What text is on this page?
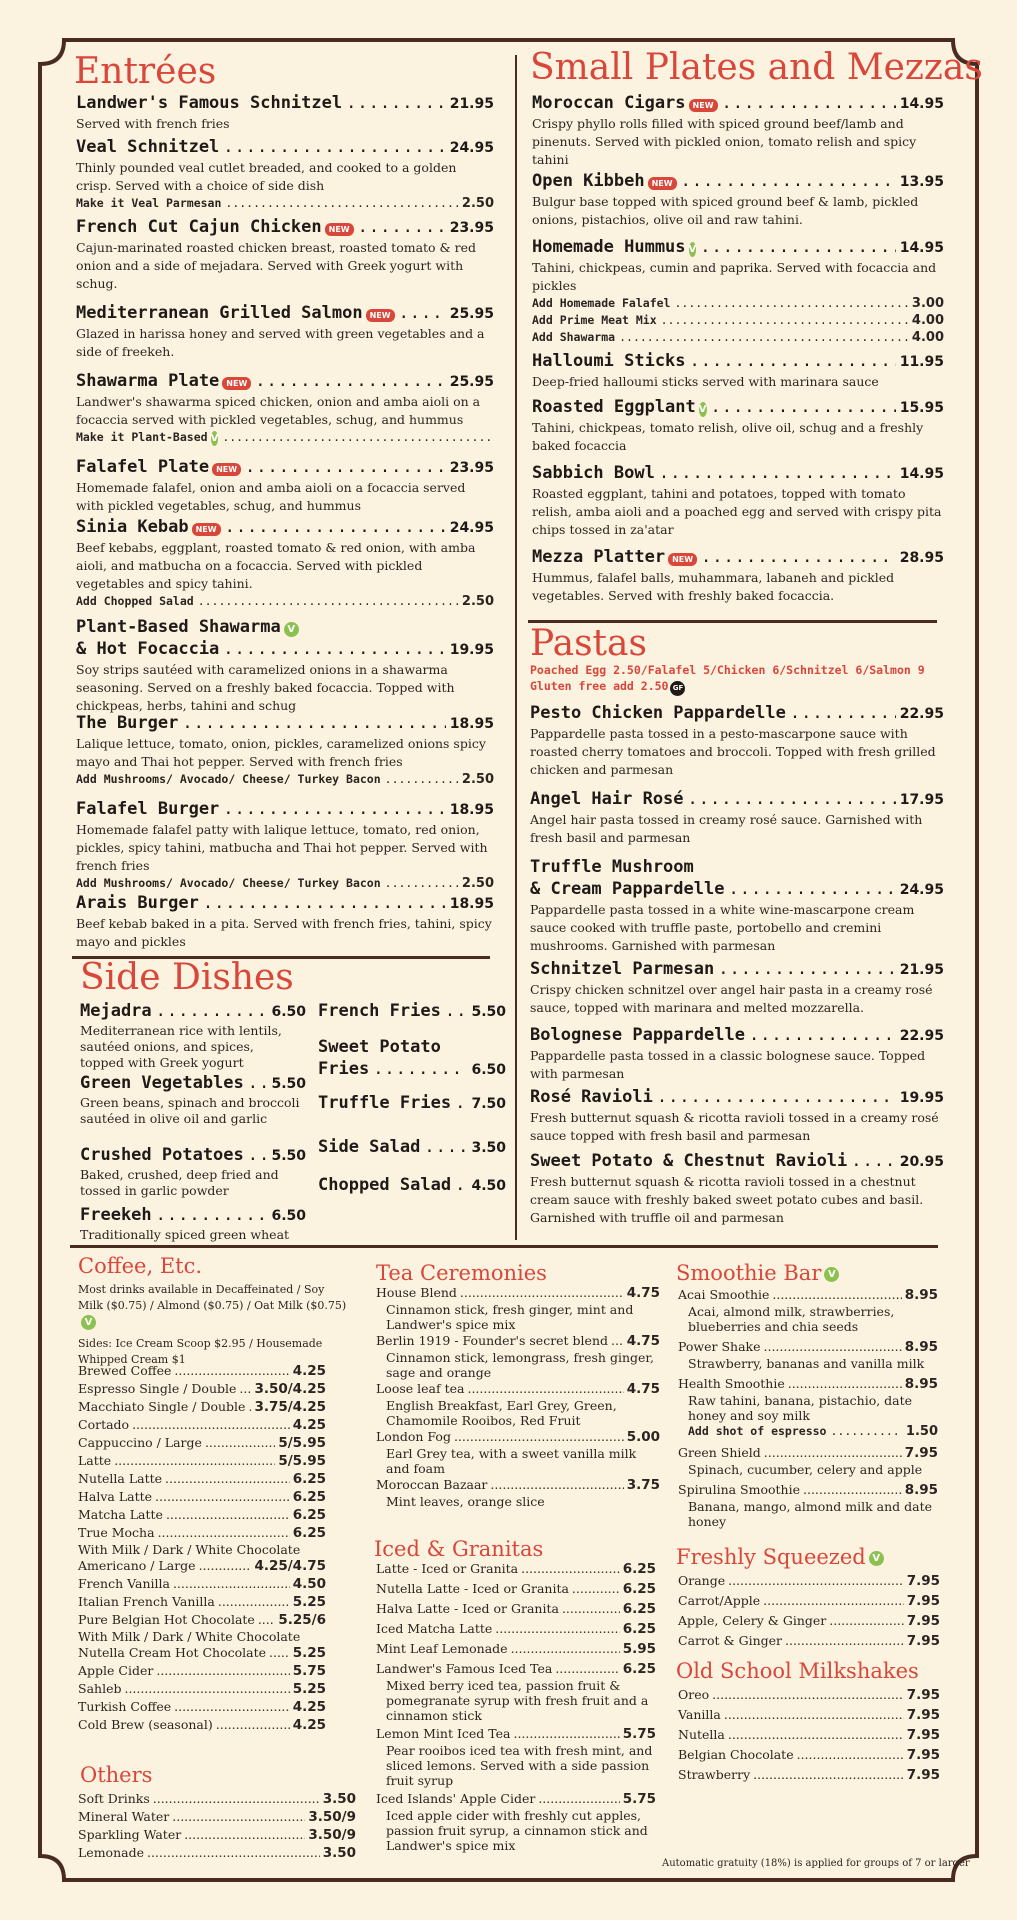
Entrées
Landwer's Famous Schnitzel .....	21.95
Served with french fries
Veal Schnitzel .....	24.95
Thinly pounded veal cutlet breaded, and cooked to a golden crisp. Served with a choice of side dish
Make it Veal Parmesan .....	2.50
French Cut Cajun Chicken NEW .....	23.95
Cajun-marinated roasted chicken breast, roasted tomato & red onion and a side of mejadara. Served with Greek yogurt with schug.
Mediterranean Grilled Salmon NEW .....	25.95
Glazed in harissa honey and served with green vegetables and a side of freekeh.
Shawarma Plate NEW .....	25.95
Landwer's shawarma spiced chicken, onion and amba aioli on a focaccia served with pickled vegetables, schug, and hummus
Make it Plant-Based V
.....
Falafel Plate NEW .....	23.95
Homemade falafel, onion and amba aioli on a focaccia served with pickled vegetables, schug, and hummus
Sinia Kebab NEW .....	24.95
Beef kebabs, eggplant, roasted tomato & red onion, with amba aioli, and matbucha on a focaccia. Served with pickled vegetables and spicy tahini.
Add Chopped Salad .....	2.50
Plant-Based Shawarma V
& Hot Focaccia .....	19.95
Soy strips sautéed with caramelized onions in a shawarma seasoning. Served on a freshly baked focaccia. Topped with chickpeas, herbs, tahini and schug
The Burger .....	18.95
Lalique lettuce, tomato, onion, pickles, caramelized onions spicy mayo and Thai hot pepper. Served with french fries
Add Mushrooms/ Avocado/ Cheese/ Turkey Bacon .....	2.50
Falafel Burger .....	18.95
Homemade falafel patty with lalique lettuce, tomato, red onion, pickles, spicy tahini, matbucha and Thai hot pepper. Served with french fries
Add Mushrooms/ Avocado/ Cheese/ Turkey Bacon .....	2.50
Arais Burger .....	18.95
Beef kebab baked in a pita. Served with french fries, tahini, spicy mayo and pickles
Small Plates and Mezzas
Moroccan Cigars NEW .....	14.95
Crispy phyllo rolls filled with spiced ground beef/lamb and pinenuts. Served with pickled onion, tomato relish and spicy tahini
Open Kibbeh NEW .....	13.95
Bulgur base topped with spiced ground beef & lamb, pickled onions, pistachios, olive oil and raw tahini.
Homemade Hummus V .....	14.95
Tahini, chickpeas, cumin and paprika. Served with focaccia and pickles
Add Homemade Falafel .....	3.00
Add Prime Meat Mix .....	4.00
Add Shawarma .....	4.00
Halloumi Sticks .....	11.95
Deep-fried halloumi sticks served with marinara sauce
Roasted Eggplant V .....	15.95
Tahini, chickpeas, tomato relish, olive oil, schug and a freshly baked focaccia
Sabbich Bowl .....	14.95
Roasted eggplant, tahini and potatoes, topped with tomato relish, amba aioli and a poached egg and served with crispy pita chips tossed in za'atar
Mezza Platter NEW .....	28.95
Hummus, falafel balls, muhammara, labaneh and pickled vegetables. Served with freshly baked focaccia.
Pastas
Poached Egg 2.50/Falafel 5/Chicken 6/Schnitzel 6/Salmon 9
Gluten free add 2.50 GF
Pesto Chicken Pappardelle .....	22.95
Pappardelle pasta tossed in a pesto-mascarpone sauce with roasted cherry tomatoes and broccoli. Topped with fresh grilled chicken and parmesan
Angel Hair Rosé .....	17.95
Angel hair pasta tossed in creamy rosé sauce. Garnished with fresh basil and parmesan
Truffle Mushroom
& Cream Pappardelle .....	24.95
Pappardelle pasta tossed in a white wine-mascarpone cream sauce cooked with truffle paste, portobello and cremini mushrooms. Garnished with parmesan
Schnitzel Parmesan .....	21.95
Crispy chicken schnitzel over angel hair pasta in a creamy rosé sauce, topped with marinara and melted mozzarella.
Bolognese Pappardelle .....	22.95
Pappardelle pasta tossed in a classic bolognese sauce. Topped with parmesan
Rosé Ravioli .....	19.95
Fresh butternut squash & ricotta ravioli tossed in a creamy rosé sauce topped with fresh basil and parmesan
Sweet Potato & Chestnut Ravioli .....	20.95
Fresh butternut squash & ricotta ravioli tossed in a chestnut cream sauce with freshly baked sweet potato cubes and basil. Garnished with truffle oil and parmesan
Side Dishes
Mejadra .....	6.50
Mediterranean rice with lentils, sautéed onions, and spices, topped with Greek yogurt
Green Vegetables ..... 5.50
Green beans, spinach and broccoli sautéed in olive oil and garlic
Crushed Potatoes ..... 5.50
Baked, crushed, deep fried and tossed in garlic powder
Freekeh .....	6.50
Traditionally spiced green wheat
French Fries ..... 5.50
Sweet Potato
Fries .....	6.50
Truffle Fries ..... 7.50
Side Salad .....	3.50
Chopped Salad ..... 4.50
Coffee, Etc.
Most drinks available in Decaffeinated / Soy Milk ($0.75) / Almond ($0.75) / Oat Milk ($0.75)V
Sides: Ice Cream Scoop $2.95 / Housemade Whipped Cream $1
Brewed Coffee .....	4.25
Espresso Single / Double ..... 3.50/4.25
Macchiato Single / Double ..... 3.75/4.25
Cortado .....	4.25
Cappuccino / Large .....	5/5.95
Latte .....	5/5.95
Nutella Latte .....	6.25
Halva Latte .....	6.25
Matcha Latte .....	6.25
True Mocha .....	6.25
With Milk / Dark / White Chocolate
Americano / Large .....	4.25/4.75
French Vanilla .....	4.50
Italian French Vanilla .....	5.25
Pure Belgian Hot Chocolate ..... 5.25/6
With Milk / Dark / White Chocolate
Nutella Cream Hot Chocolate ..... 5.25
Apple Cider .....	5.75
Sahleb .....	5.25
Turkish Coffee .....	4.25
Cold Brew (seasonal) .....	4.25
Others
Soft Drinks .....	3.50
Mineral Water .....	3.50/9
Sparkling Water .....	3.50/9
Lemonade .....	3.50
Tea Ceremonies
House Blend .....	4.75
Cinnamon stick, fresh ginger, mint and Landwer's spice mix
Berlin 1919 - Founder's secret blend ..... 4.75
Cinnamon stick, lemongrass, fresh ginger, sage and orange
Loose leaf tea .....	4.75
English Breakfast, Earl Grey, Green, Chamomile Rooibos, Red Fruit
London Fog .....	5.00
Earl Grey tea, with a sweet vanilla milk and foam
Moroccan Bazaar .....	3.75
Mint leaves, orange slice
Iced & Granitas
Latte - Iced or Granita .....	6.25
Nutella Latte - Iced or Granita .....	6.25
Halva Latte - Iced or Granita .....	6.25
Iced Matcha Latte .....	6.25
Mint Leaf Lemonade .....	5.95
Landwer's Famous Iced Tea .....	6.25
Mixed berry iced tea, passion fruit & pomegranate syrup with fresh fruit and a cinnamon stick
Lemon Mint Iced Tea .....	5.75
Pear rooibos iced tea with fresh mint, and sliced lemons. Served with a side passion fruit syrup
Iced Islands' Apple Cider .....	5.75
Iced apple cider with freshly cut apples, passion fruit syrup, a cinnamon stick and Landwer's spice mix
Smoothie Bar V
Acai Smoothie .....	8.95
Acai, almond milk, strawberries, blueberries and chia seeds
Power Shake .....	8.95
Strawberry, bananas and vanilla milk
Health Smoothie .....	8.95
Raw tahini, banana, pistachio, date honey and soy milk
Add shot of espresso .....	1.50
Green Shield .....	7.95
Spinach, cucumber, celery and apple
Spirulina Smoothie .....	8.95
Banana, mango, almond milk and date honey
Freshly Squeezed V
Orange .....	7.95
Carrot/Apple .....	7.95
Apple, Celery & Ginger .....	7.95
Carrot & Ginger .....	7.95
Old School Milkshakes
Oreo .....	7.95
Vanilla .....	7.95
Nutella .....	7.95
Belgian Chocolate .....	7.95
Strawberry .....	7.95
Automatic gratuity (18%) is applied for groups of 7 or larger
